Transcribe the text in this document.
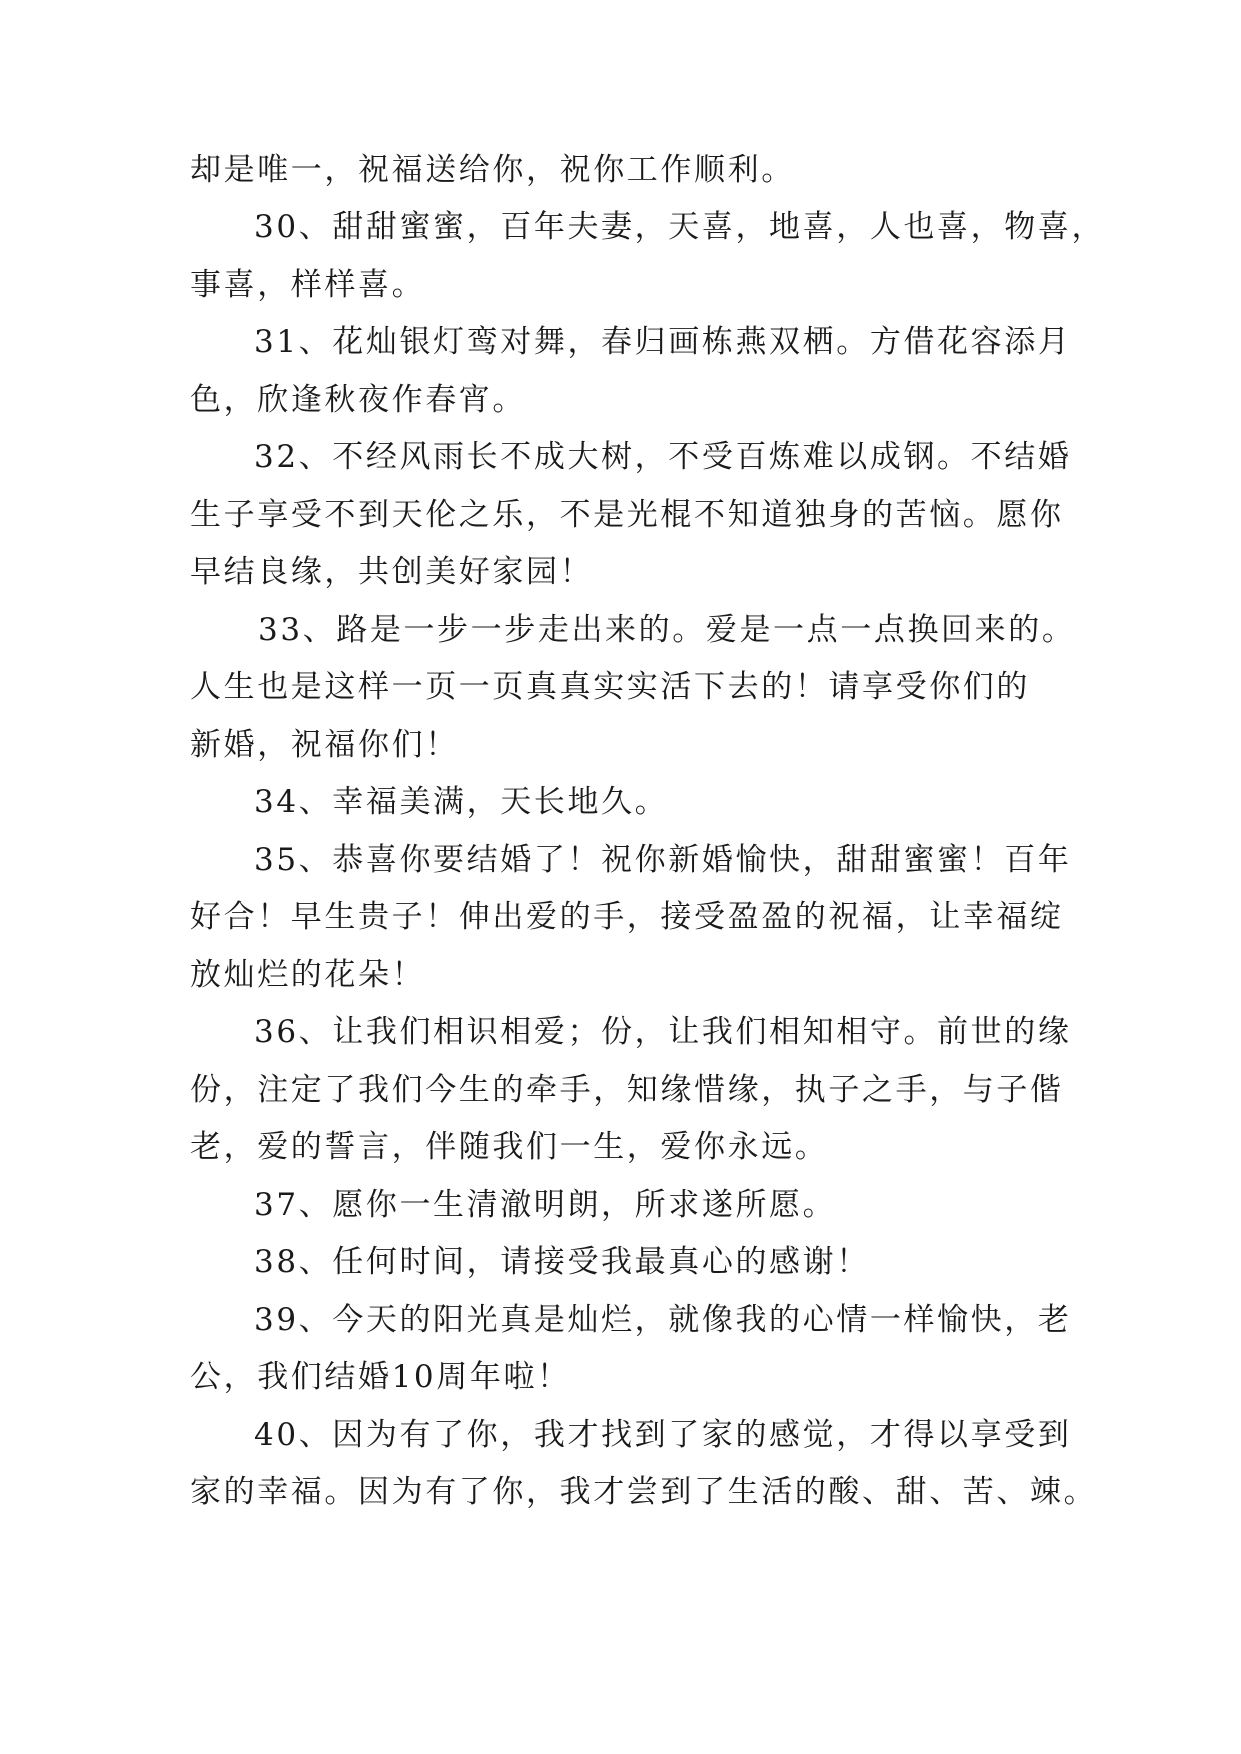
却是唯一，祝福送给你，祝你工作顺利。
30、甜甜蜜蜜，百年夫妻，天喜，地喜，人也喜，物喜，
事喜，样样喜。
31、花灿银灯鸾对舞，春归画栋燕双栖。方借花容添月
色，欣逢秋夜作春宵。
32、不经风雨长不成大树，不受百炼难以成钢。不结婚
生子享受不到天伦之乐，不是光棍不知道独身的苦恼。愿你
早结良缘，共创美好家园！
33、路是一步一步走出来的。爱是一点一点换回来的。
人生也是这样一页一页真真实实活下去的！请享受你们的
新婚，祝福你们！
34、幸福美满，天长地久。
35、恭喜你要结婚了！祝你新婚愉快，甜甜蜜蜜！百年
好合！早生贵子！伸出爱的手，接受盈盈的祝福，让幸福绽
放灿烂的花朵！
36、让我们相识相爱；份，让我们相知相守。前世的缘
份，注定了我们今生的牵手，知缘惜缘，执子之手，与子偕
老，爱的誓言，伴随我们一生，爱你永远。
37、愿你一生清澈明朗，所求遂所愿。
38、任何时间，请接受我最真心的感谢！
39、今天的阳光真是灿烂，就像我的心情一样愉快，老
公，我们结婚10周年啦！
40、因为有了你，我才找到了家的感觉，才得以享受到
家的幸福。因为有了你，我才尝到了生活的酸、甜、苦、竦。
